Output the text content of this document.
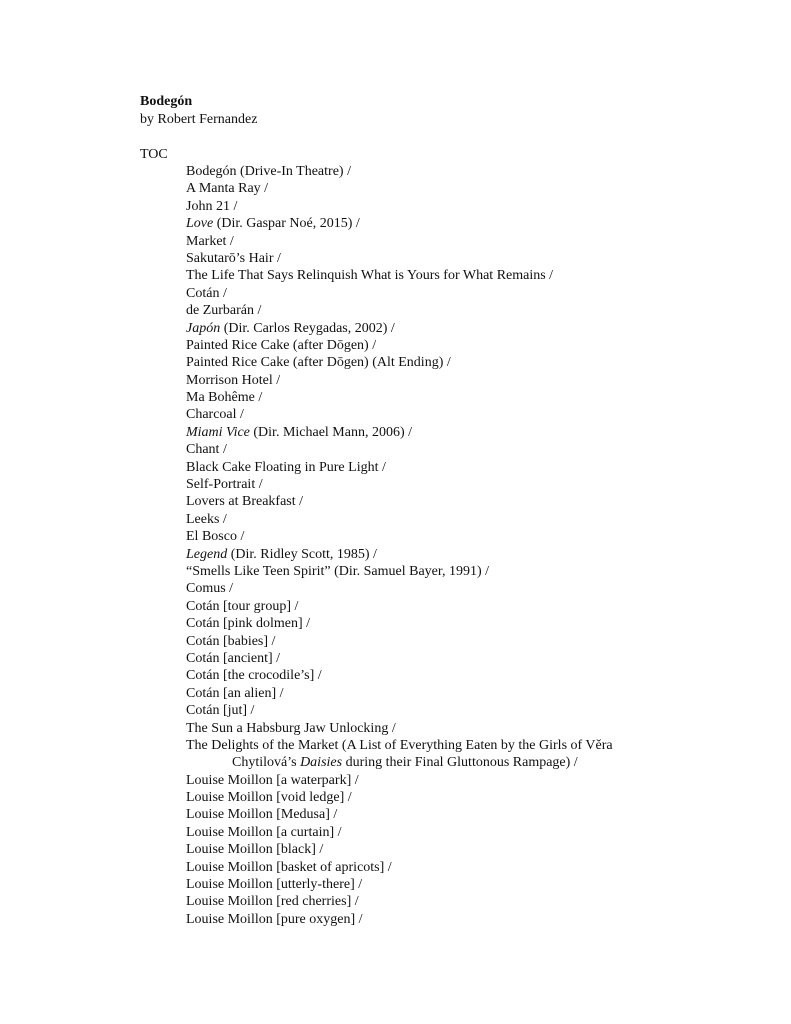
Bodegón
by Robert Fernandez
TOC
Bodegón (Drive-In Theatre) /
A Manta Ray /
John 21 /
Love (Dir. Gaspar Noé, 2015) /
Market /
Sakutarō’s Hair /
The Life That Says Relinquish What is Yours for What Remains /
Cotán /
de Zurbarán /
Japón (Dir. Carlos Reygadas, 2002) /
Painted Rice Cake (after Dōgen) /
Painted Rice Cake (after Dōgen) (Alt Ending) /
Morrison Hotel /
Ma Bohême /
Charcoal /
Miami Vice (Dir. Michael Mann, 2006) /
Chant /
Black Cake Floating in Pure Light /
Self-Portrait /
Lovers at Breakfast /
Leeks /
El Bosco /
Legend (Dir. Ridley Scott, 1985) /
“Smells Like Teen Spirit” (Dir. Samuel Bayer, 1991) /
Comus /
Cotán [tour group] /
Cotán [pink dolmen] /
Cotán [babies] /
Cotán [ancient] /
Cotán [the crocodile’s] /
Cotán [an alien] /
Cotán [jut] /
The Sun a Habsburg Jaw Unlocking /
The Delights of the Market (A List of Everything Eaten by the Girls of Věra
Chytilová’s Daisies during their Final Gluttonous Rampage) /
Louise Moillon [a waterpark] /
Louise Moillon [void ledge] /
Louise Moillon [Medusa] /
Louise Moillon [a curtain] /
Louise Moillon [black] /
Louise Moillon [basket of apricots] /
Louise Moillon [utterly-there] /
Louise Moillon [red cherries] /
Louise Moillon [pure oxygen] /
